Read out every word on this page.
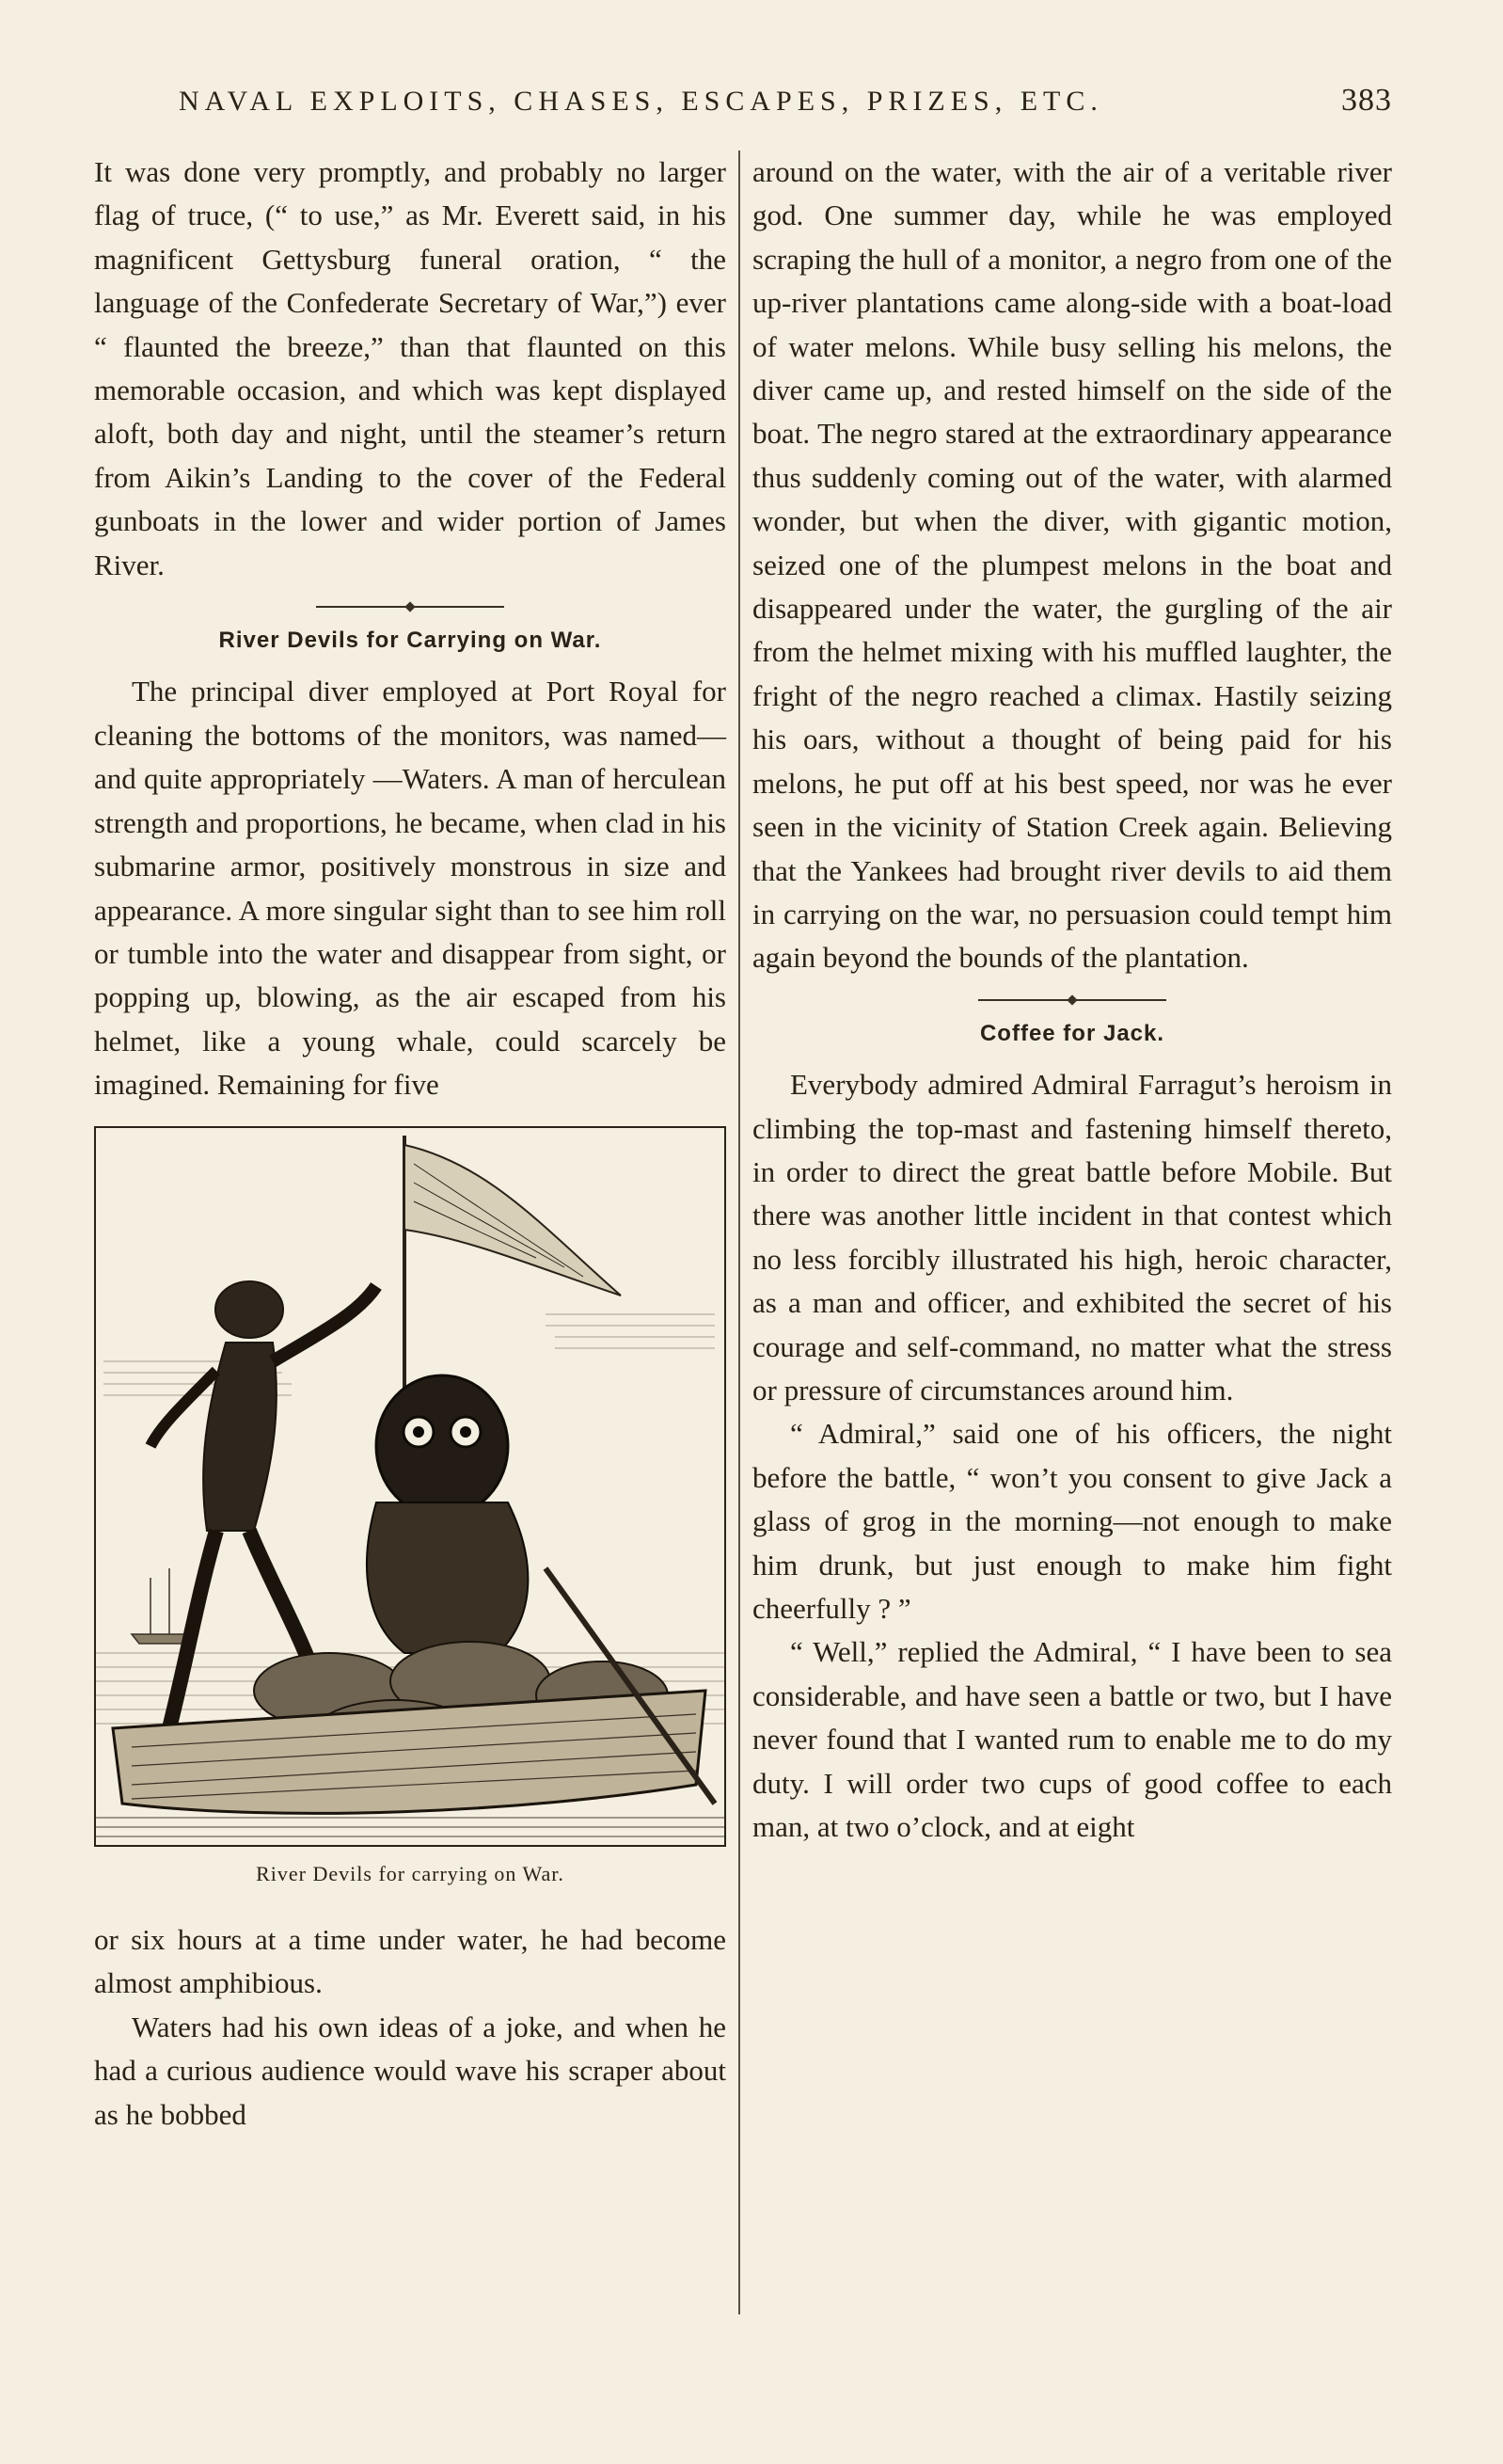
NAVAL EXPLOITS, CHASES, ESCAPES, PRIZES, ETC.	383

It was done very promptly, and probably no larger flag of truce, (“ to use,” as Mr. Everett said, in his magnificent Gettysburg funeral oration, “ the language of the Confederate Secretary of War,”) ever “ flaunted the breeze,” than that flaunted on this memorable occasion, and which was kept displayed aloft, both day and night, until the steamer’s return from Aikin’s Landing to the cover of the Federal gunboats in the lower and wider portion of James River.

River Devils for Carrying on War.

The principal diver employed at Port Royal for cleaning the bottoms of the monitors, was named—and quite appropriately —Waters. A man of herculean strength and proportions, he became, when clad in his submarine armor, positively monstrous in size and appearance. A more singular sight than to see him roll or tumble into the water and disappear from sight, or popping up, blowing, as the air escaped from his helmet, like a young whale, could scarcely be imagined. Remaining for five

River Devils for carrying on War.

or six hours at a time under water, he had become almost amphibious.

Waters had his own ideas of a joke, and when he had a curious audience would wave his scraper about as he bobbed

around on the water, with the air of a veritable river god. One summer day, while he was employed scraping the hull of a monitor, a negro from one of the up-river plantations came along-side with a boat-load of water melons. While busy selling his melons, the diver came up, and rested himself on the side of the boat. The negro stared at the extraordinary appearance thus suddenly coming out of the water, with alarmed wonder, but when the diver, with gigantic motion, seized one of the plumpest melons in the boat and disappeared under the water, the gurgling of the air from the helmet mixing with his muffled laughter, the fright of the negro reached a climax. Hastily seizing his oars, without a thought of being paid for his melons, he put off at his best speed, nor was he ever seen in the vicinity of Station Creek again. Believing that the Yankees had brought river devils to aid them in carrying on the war, no persuasion could tempt him again beyond the bounds of the plantation.

Coffee for Jack.

Everybody admired Admiral Farragut’s heroism in climbing the top-mast and fastening himself thereto, in order to direct the great battle before Mobile. But there was another little incident in that contest which no less forcibly illustrated his high, heroic character, as a man and officer, and exhibited the secret of his courage and self-command, no matter what the stress or pressure of circumstances around him.

“ Admiral,” said one of his officers, the night before the battle, “ won’t you consent to give Jack a glass of grog in the morning—not enough to make him drunk, but just enough to make him fight cheerfully ? ”

“ Well,” replied the Admiral, “ I have been to sea considerable, and have seen a battle or two, but I have never found that I wanted rum to enable me to do my duty. I will order two cups of good coffee to each man, at two o’clock, and at eight
